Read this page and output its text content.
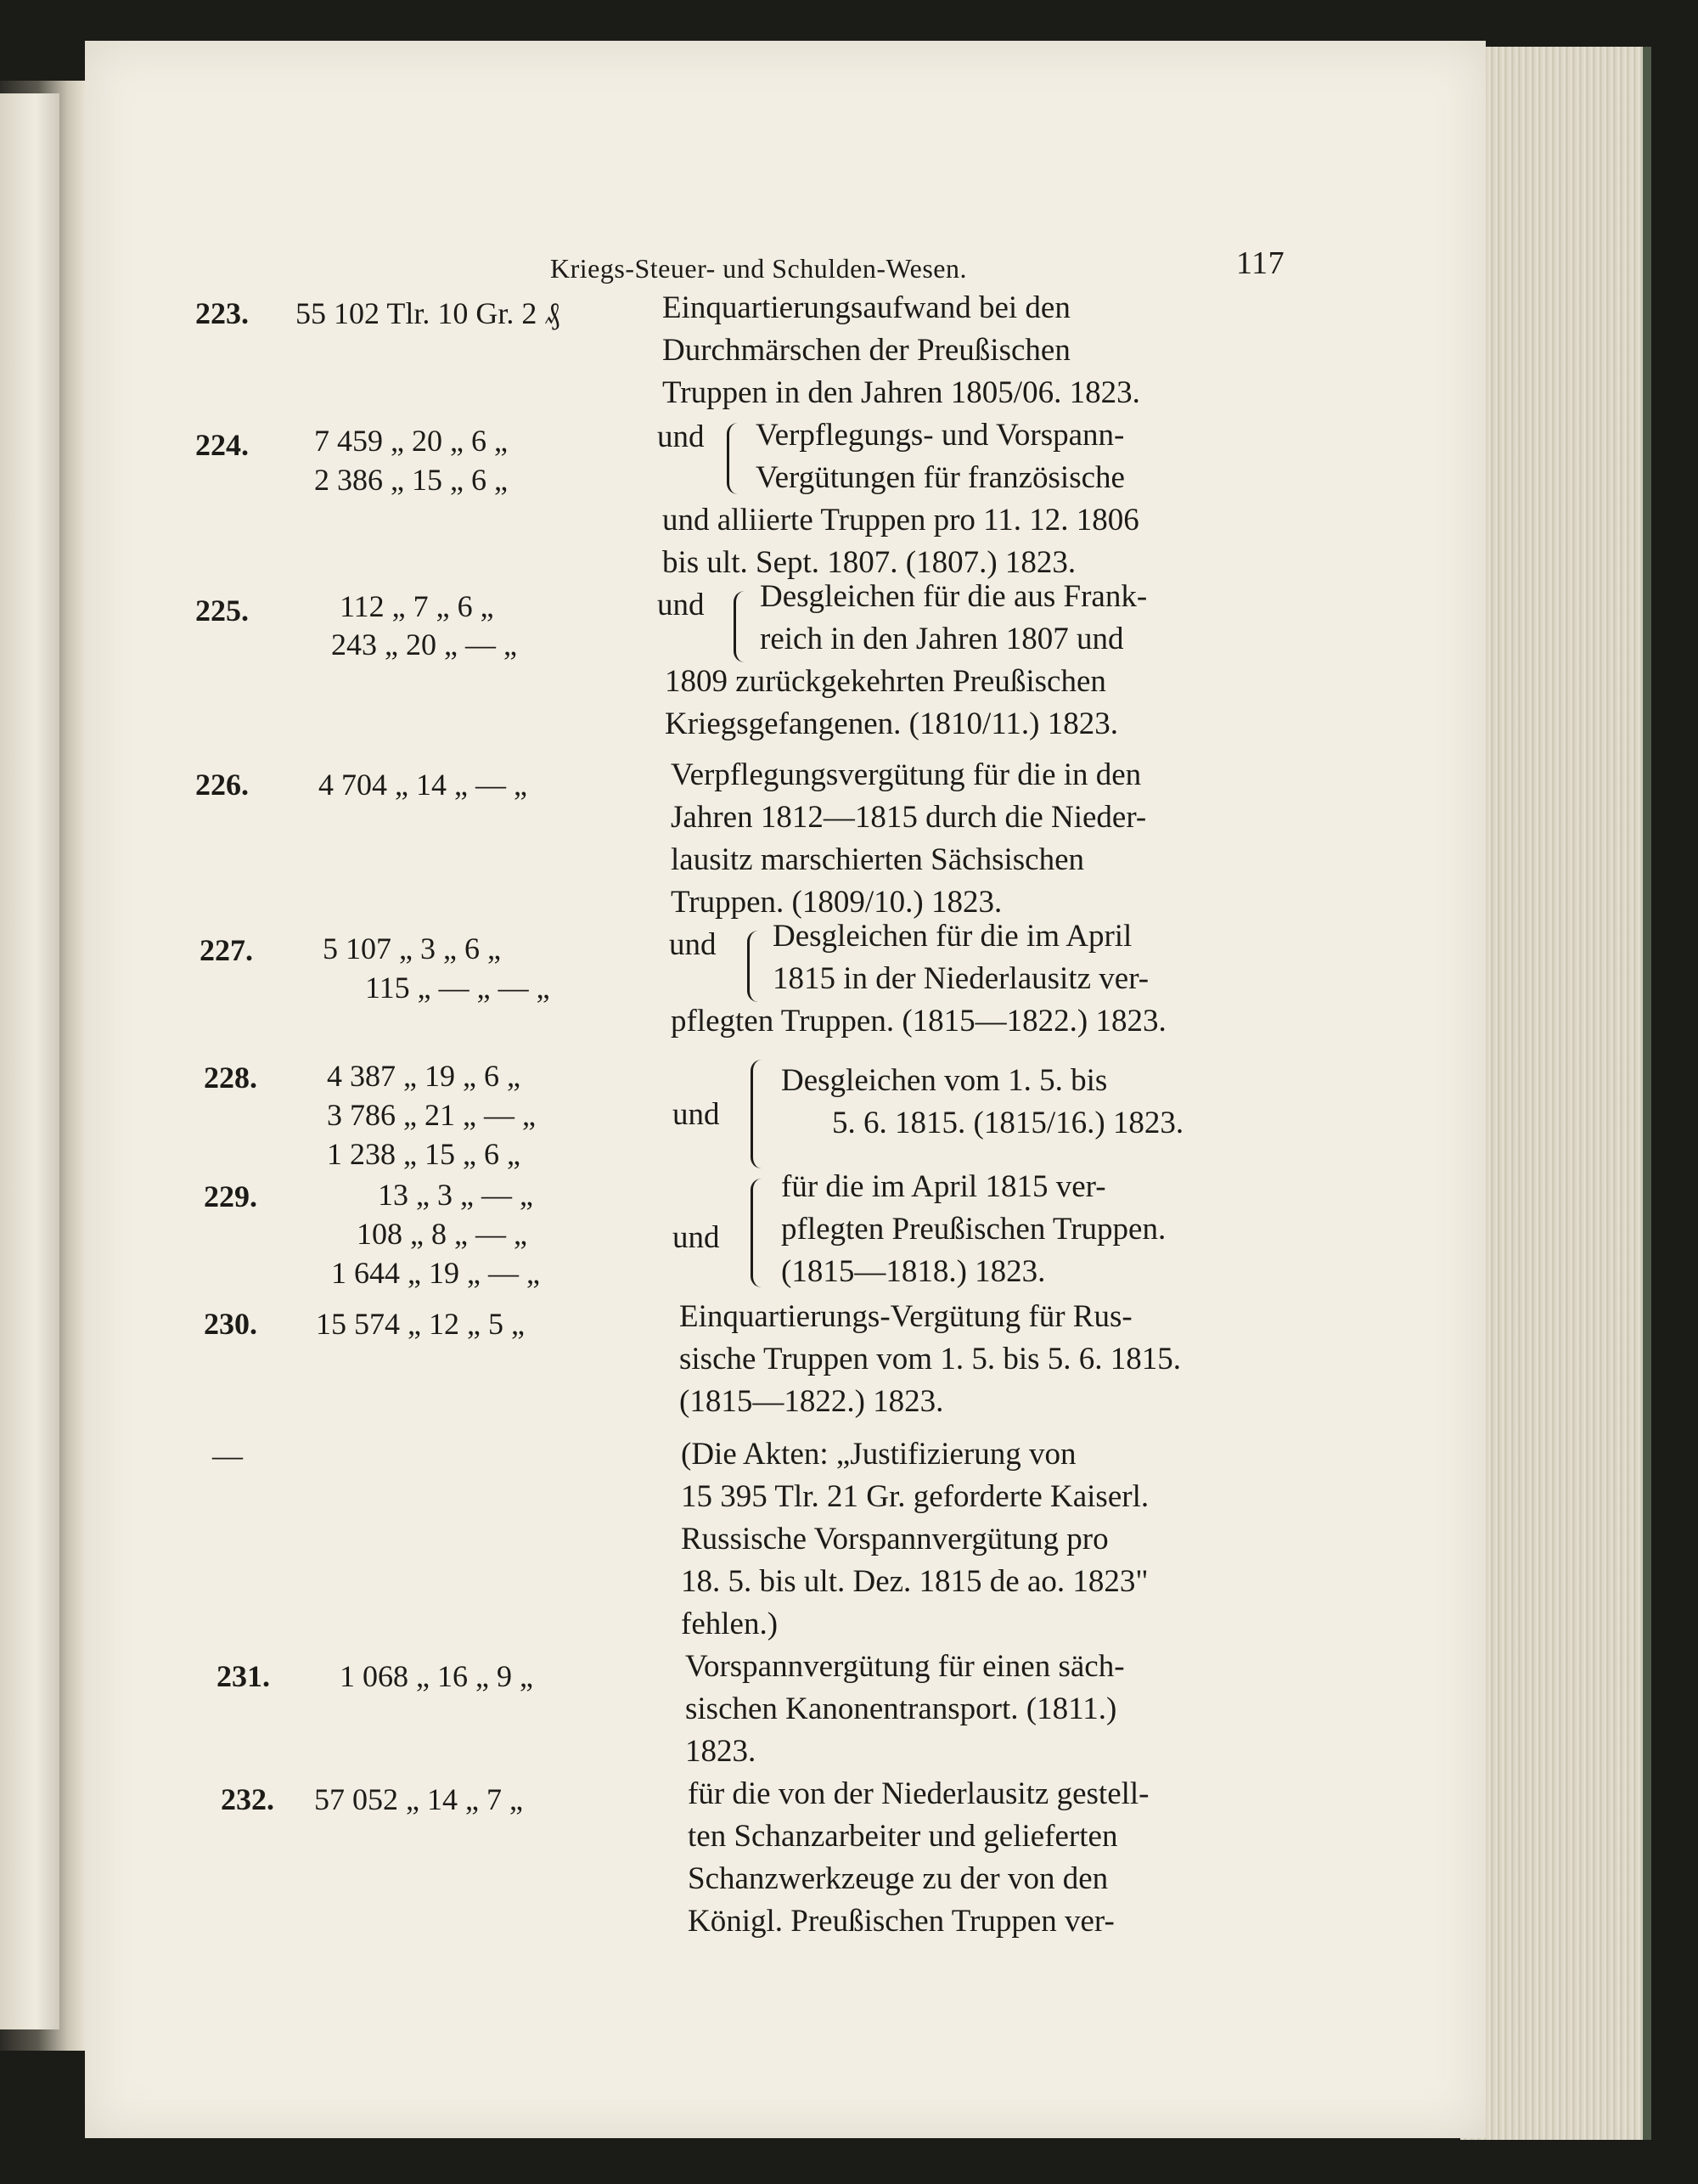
Kriegs-Steuer- und Schulden-Wesen.	117
223. 55 102 Tlr. 10 Gr. 2 ₰	Einquartierungsaufwand bei den
Durchmärschen der Preußischen
Truppen in den Jahren 1805/06. 1823.
224. 7 459 „ 20 „ 6 „
2 386 „ 15 „ 6 „
und Verpflegungs- und Vorspann-
Vergütungen für französische
und alliierte Truppen pro 11. 12. 1806
bis ult. Sept. 1807. (1807.) 1823.
225.	112 „ 7 „ 6 „
243 „ 20 „ — „
und Desgleichen für die aus Frank-
reich in den Jahren 1807 und
1809 zurückgekehrten Preußischen
Kriegsgefangenen. (1810/11.) 1823.
226. 4 704 „ 14 „ — „	Verpflegungsvergütung für die in den
Jahren 1812—1815 durch die Nieder-
lausitz marschierten Sächsischen
Truppen. (1809/10.) 1823.
227. 5 107 „ 3 „ 6 „
115 „ — „ — „
und Desgleichen für die im April
1815 in der Niederlausitz ver-
pflegten Truppen. (1815—1822.) 1823.
228. 4 387 „ 19 „ 6 „
3 786 „ 21 „ — „
1 238 „ 15 „ 6 „
und
Desgleichen vom 1. 5. bis
5. 6. 1815. (1815/16.) 1823.
229.	13 „ 3 „ — „
108 „ 8 „ — „
1 644 „ 19 „ — „
und
für die im April 1815 ver-
pflegten Preußischen Truppen.
(1815—1818.) 1823.
230. 15 574 „ 12 „ 5 „	Einquartierungs-Vergütung für Rus-
sische Truppen vom 1. 5. bis 5. 6. 1815.
(1815—1822.) 1823.
—	(Die Akten: „Justifizierung von
15 395 Tlr. 21 Gr. geforderte Kaiserl.
Russische Vorspannvergütung pro
18. 5. bis ult. Dez. 1815 de ao. 1823"
fehlen.)
231. 1 068 „ 16 „ 9 „	Vorspannvergütung für einen säch-
sischen Kanonentransport. (1811.)
1823.
232. 57 052 „ 14 „ 7 „	für die von der Niederlausitz gestell-
ten Schanzarbeiter und gelieferten
Schanzwerkzeuge zu der von den
Königl. Preußischen Truppen ver-
